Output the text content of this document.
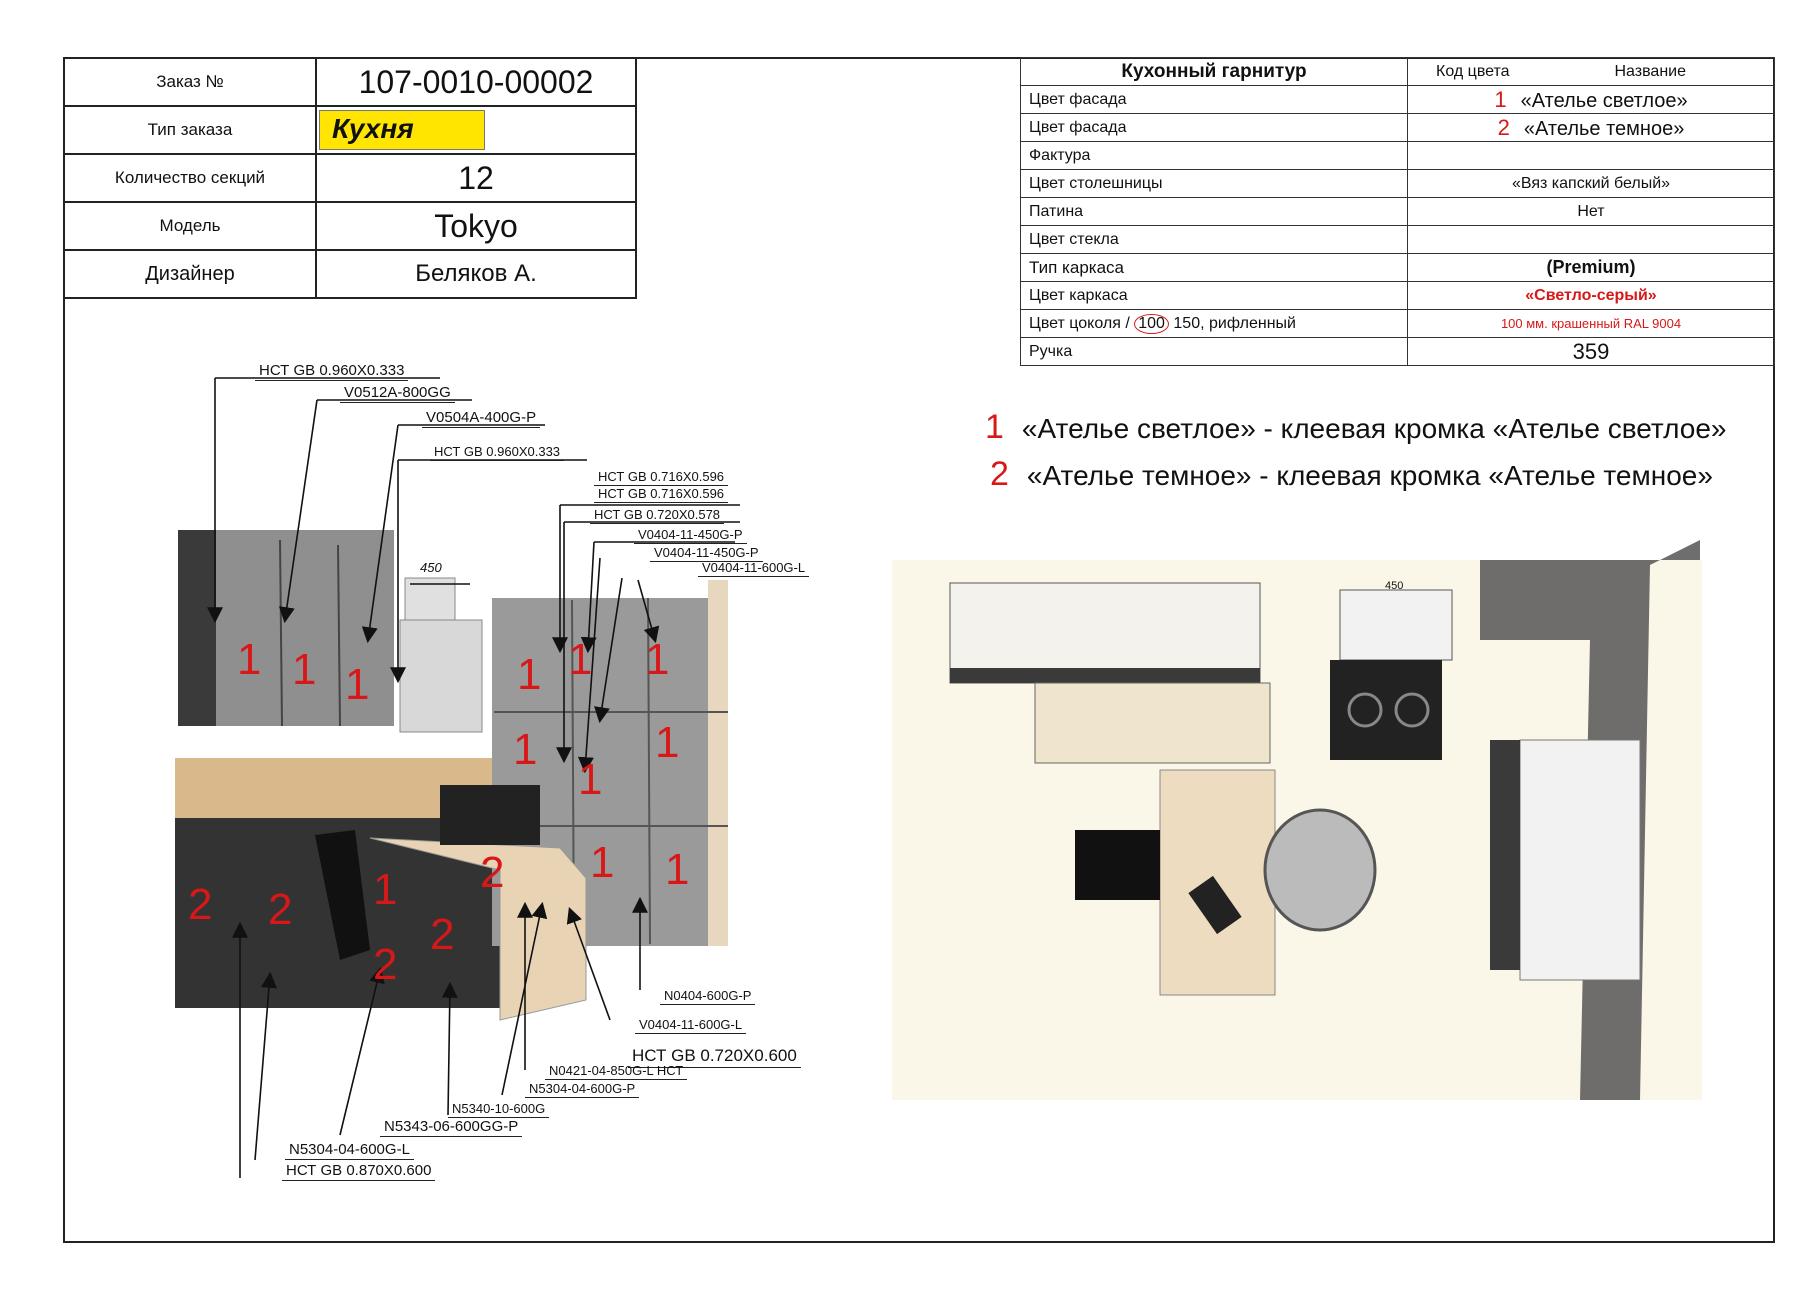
Заказ №	107-0010-00002
Тип заказа	Кухня

Количество секций	12
Модель	Tokyo
Дизайнер	Беляков А.
Кухонный гарнитур	Код цвета Название

Цвет фасада	1 «Ателье светлое»
Цвет фасада	2 «Ателье темное»
Фактура	
Цвет столешницы	«Вяз капский белый»
Патина	Нет
Цвет стекла	
Тип каркаса	(Premium)
Цвет каркаса	«Светло-серый»
Цвет цоколя / 100 150, рифленный	100 мм. крашенный RAL 9004
Ручка	359
1 «Ателье светлое» - клеевая кромка «Ателье светлое»
2 «Ателье темное» - клеевая кромка «Ателье темное»
НСТ GB 0.960X0.333
V0512A-800GG
V0504A-400G-P
НСТ GB 0.960X0.333
НСТ GB 0.716X0.596
НСТ GB 0.716X0.596
НСТ GB 0.720X0.578
V0404-11-450G-P
V0404-11-450G-P
V0404-11-600G-L
N0404-600G-P
V0404-11-600G-L
НСТ GB 0.720X0.600
N0421-04-850G-L НСТ
N5304-04-600G-P
N5340-10-600G
N5343-06-600GG-P
N5304-04-600G-L
НСТ GB 0.870X0.600
450
450
1 1 1	1 1 1
1
1
1
1 1
1
2 2
2
2
2
